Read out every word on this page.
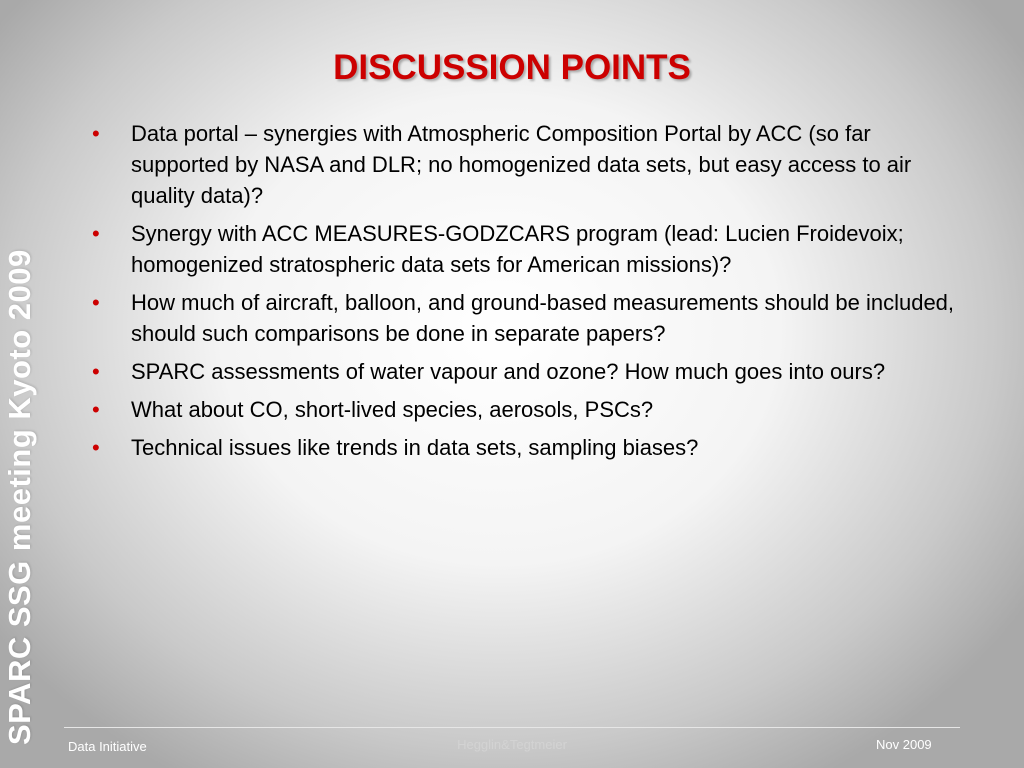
SPARC SSG meeting Kyoto 2009
DISCUSSION POINTS
• Data portal – synergies with Atmospheric Composition Portal by ACC (so far supported by NASA and DLR; no homogenized data sets, but easy access to air quality data)?
• Synergy with ACC MEASURES-GODZCARS program (lead: Lucien Froidevoix; homogenized stratospheric data sets for American missions)?
• How much of aircraft, balloon, and ground-based measurements should be included, should such comparisons be done in separate papers?
• SPARC assessments of water vapour and ozone? How much goes into ours?
• What about CO, short-lived species, aerosols, PSCs?
• Technical issues like trends in data sets, sampling biases?
Data Initiative	Hegglin&Tegtmeier	Nov 2009
